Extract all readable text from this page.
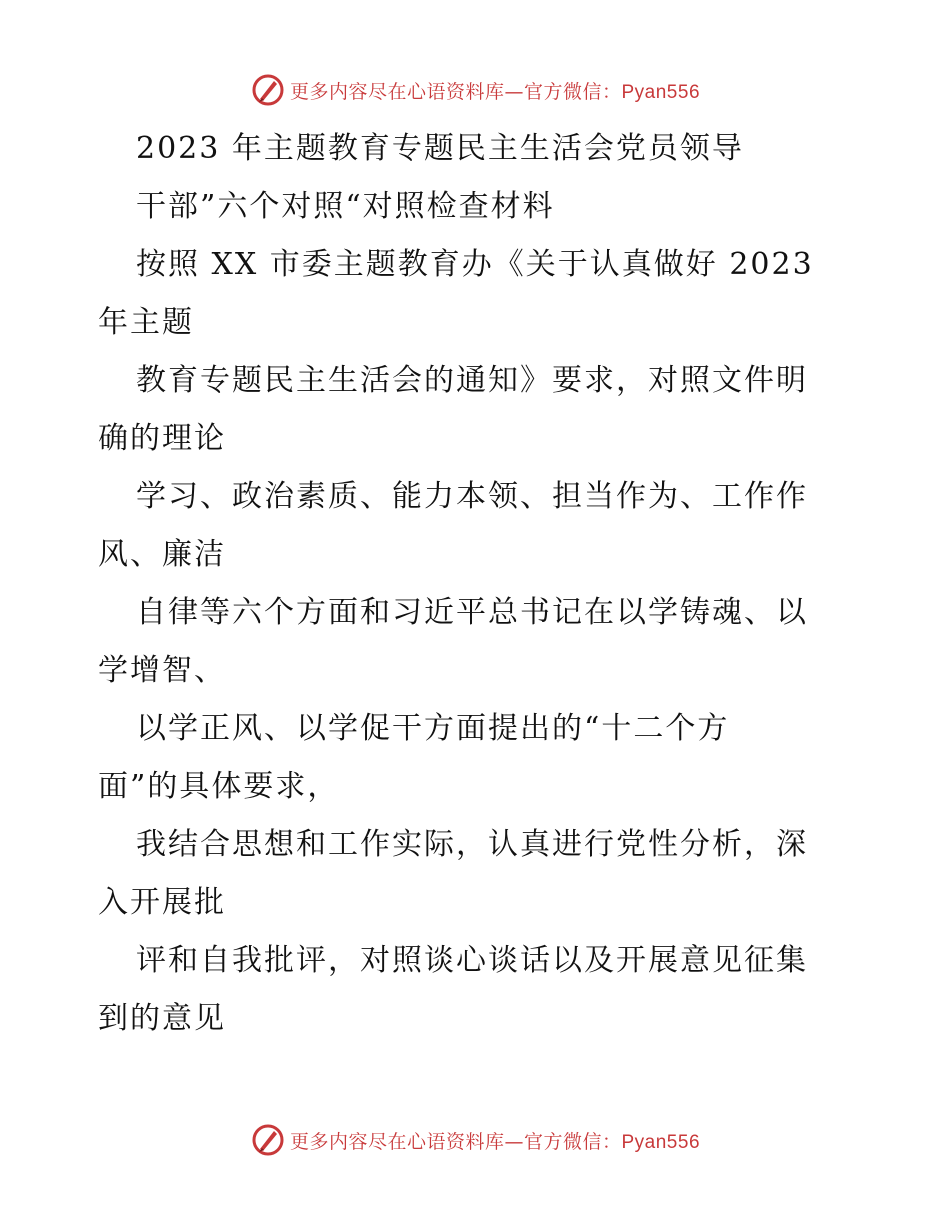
更多内容尽在心语资料库—官方微信：Pyan556
2023 年主题教育专题民主生活会党员领导
干部”六个对照“对照检查材料
按照 XX 市委主题教育办《关于认真做好 2023
年主题
教育专题民主生活会的通知》要求，对照文件明
确的理论
学习、政治素质、能力本领、担当作为、工作作
风、廉洁
自律等六个方面和习近平总书记在以学铸魂、以
学增智、
以学正风、以学促干方面提出的“十二个方
面”的具体要求，
我结合思想和工作实际，认真进行党性分析，深
入开展批
评和自我批评，对照谈心谈话以及开展意见征集
到的意见
更多内容尽在心语资料库—官方微信：Pyan556
